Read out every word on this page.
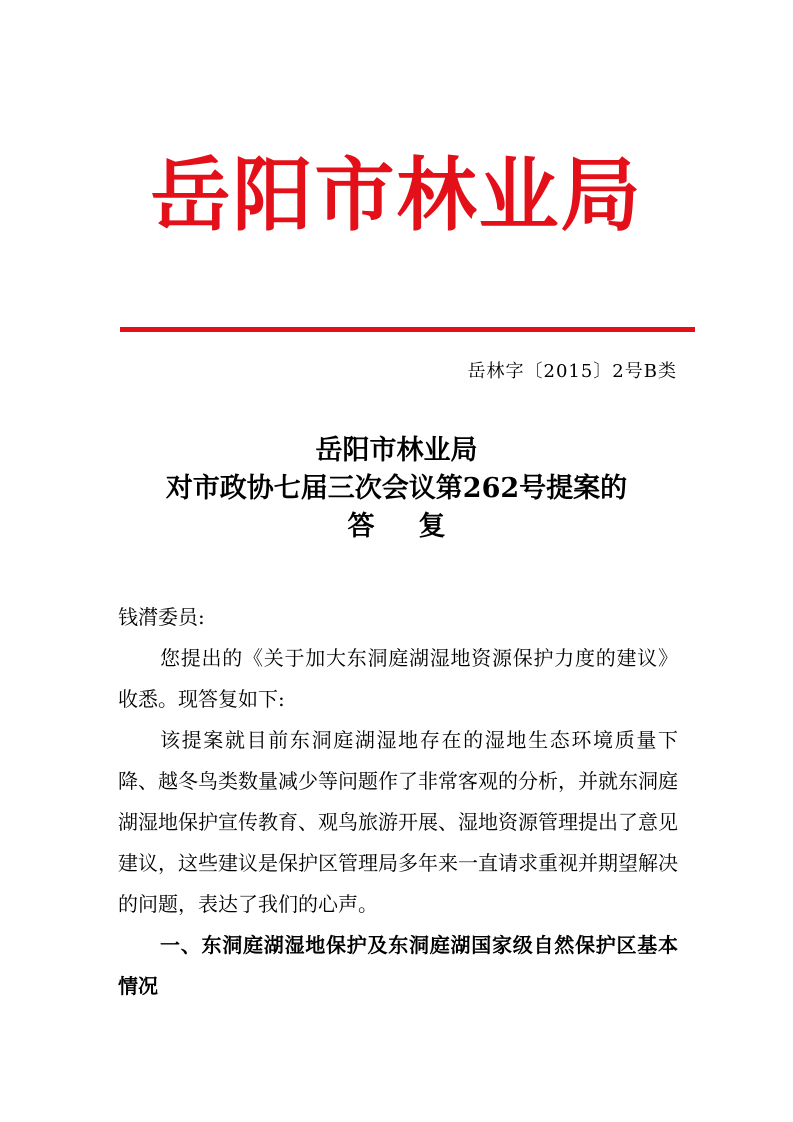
岳阳市林业局
岳林字〔2015〕2号B类
岳阳市林业局
对市政协七届三次会议第262号提案的
答复

钱潸委员:

您提出的《关于加大东洞庭湖湿地资源保护力度的建议》收悉。现答复如下:

该提案就目前东洞庭湖湿地存在的湿地生态环境质量下降、越冬鸟类数量减少等问题作了非常客观的分析，并就东洞庭湖湿地保护宣传教育、观鸟旅游开展、湿地资源管理提出了意见建议，这些建议是保护区管理局多年来一直请求重视并期望解决的问题，表达了我们的心声。

一、东洞庭湖湿地保护及东洞庭湖国家级自然保护区基本情况
